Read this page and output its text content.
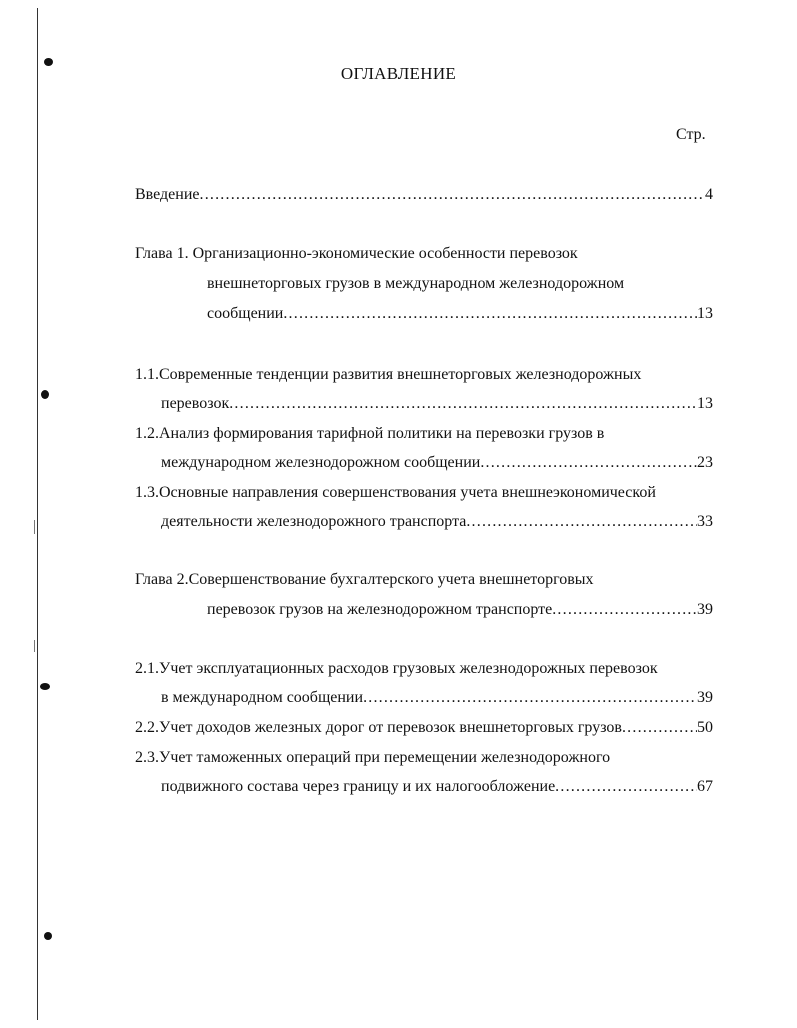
ОГЛАВЛЕНИЕ
Стр.
Введение .....	4
Глава 1. Организационно-экономические особенности перевозок
внешнеторговых грузов в международном железнодорожном
сообщении .....	13
1.1.Современные тенденции развития внешнеторговых железнодорожных
перевозок .....	13
1.2.Анализ формирования тарифной политики на перевозки грузов в
международном железнодорожном сообщении .....	23
1.3.Основные направления совершенствования учета внешнеэкономической
деятельности железнодорожного транспорта .....	33
Глава 2.Совершенствование бухгалтерского учета внешнеторговых
перевозок грузов на железнодорожном транспорте .....	39
2.1.Учет эксплуатационных расходов грузовых железнодорожных перевозок
в международном сообщении .....	39
2.2.Учет доходов железных дорог от перевозок внешнеторговых грузов .....	50
2.3.Учет таможенных операций при перемещении железнодорожного
подвижного состава через границу и их налогообложение .....	67
